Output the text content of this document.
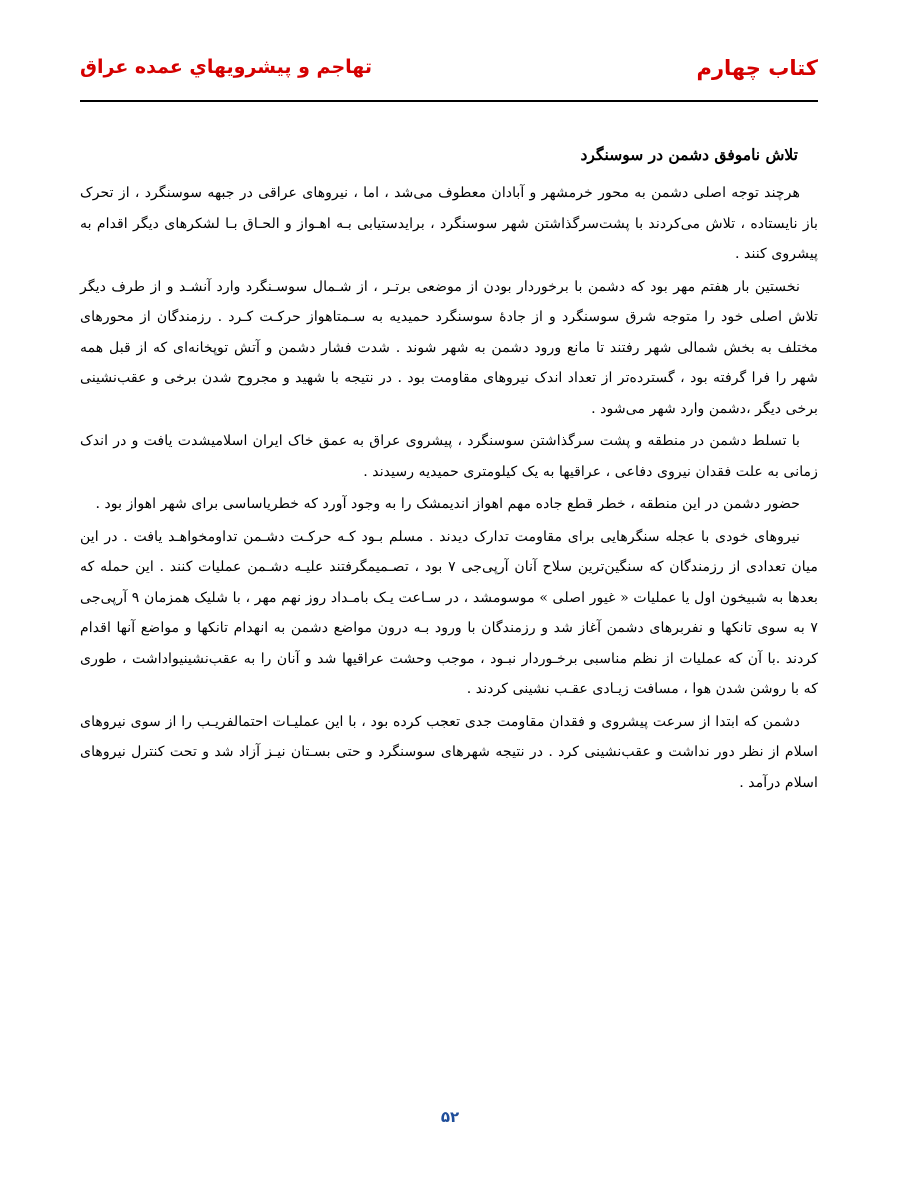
كتاب چهارم
تهاجم و پیشرویهاي عمده عراق
تلاش ناموفق دشمن در سوسنگرد

هرچند توجه اصلی دشمن به محور خرمشهر و آبادان معطوف می‌شد ، اما ، نیروهای عراقی در جبهه سوسنگرد ، از تحرک باز نایستاده ، تلاش می‌کردند با پشت‌سرگذاشتن شهر سوسنگرد ، برایدستیابی بـه اهـواز و الحـاق بـا لشکرهای دیگر اقدام به پیشروی کنند .

نخستین بار هفتم مهر بود که دشمن با برخوردار بودن از موضعی برتـر ، از شـمال سوسـنگرد وارد آنشـد و از طرف دیگر تلاش اصلی خود را متوجه شرق سوسنگرد و از جادهٔ سوسنگرد حمیدیه به سـمتاهواز حرکـت کـرد . رزمندگان از محورهای مختلف به بخش شمالی شهر رفتند تا مانع ورود دشمن به شهر شوند . شدت فشار دشمن و آتش توپخانه‌ای که از قبل همه شهر را فرا گرفته بود ، گسترده‌تر از تعداد اندک نیروهای مقاومت بود . در نتیجه با شهید و مجروح شدن برخی و عقب‌نشینی برخی دیگر ،دشمن وارد شهر می‌شود .

با تسلط دشمن در منطقه و پشت سرگذاشتن سوسنگرد ، پیشروی عراق به عمق خاک ایران اسلامیشدت یافت و در اندک زمانی به علت فقدان نیروی دفاعی ، عراقیها به یک کیلومتری حمیدیه رسیدند .

حضور دشمن در این منطقه ، خطر قطع جاده مهم اهواز اندیمشک را به وجود آورد که خطریاساسی برای شهر اهواز بود .

نیروهای خودی با عجله سنگرهایی برای مقاومت تدارک دیدند . مسلم بـود کـه حرکـت دشـمن تداومخواهـد یافت . در این میان تعدادی از رزمندگان که سنگین‌ترین سلاح آنان آرپی‌جی ۷ بود ، تصـمیمگرفتند علیـه دشـمن عملیات کنند . این حمله که بعدها به شبیخون اول یا عملیات « غیور اصلی » موسومشد ، در سـاعت یـک بامـداد روز نهم مهر ، با شلیک همزمان ۹ آرپی‌جی ۷ به سوی تانکها و نفربرهای دشمن آغاز شد و رزمندگان با ورود بـه درون مواضع دشمن به انهدام تانکها و مواضع آنها اقدام کردند .با آن که عملیات از نظم مناسبی برخـوردار نبـود ، موجب وحشت عراقیها شد و آنان را به عقب‌نشینیواداشت ، طوری که با روشن شدن هوا ، مسافت زیـادی عقـب نشینی کردند .

دشمن که ابتدا از سرعت پیشروی و فقدان مقاومت جدی تعجب کرده بود ، با این عملیـات احتمالفریـب را از سوی نیروهای اسلام از نظر دور نداشت و عقب‌نشینی کرد . در نتیجه شهرهای سوسنگرد و حتی بسـتان نیـز آزاد شد و تحت کنترل نیروهای اسلام درآمد .

۵۲
